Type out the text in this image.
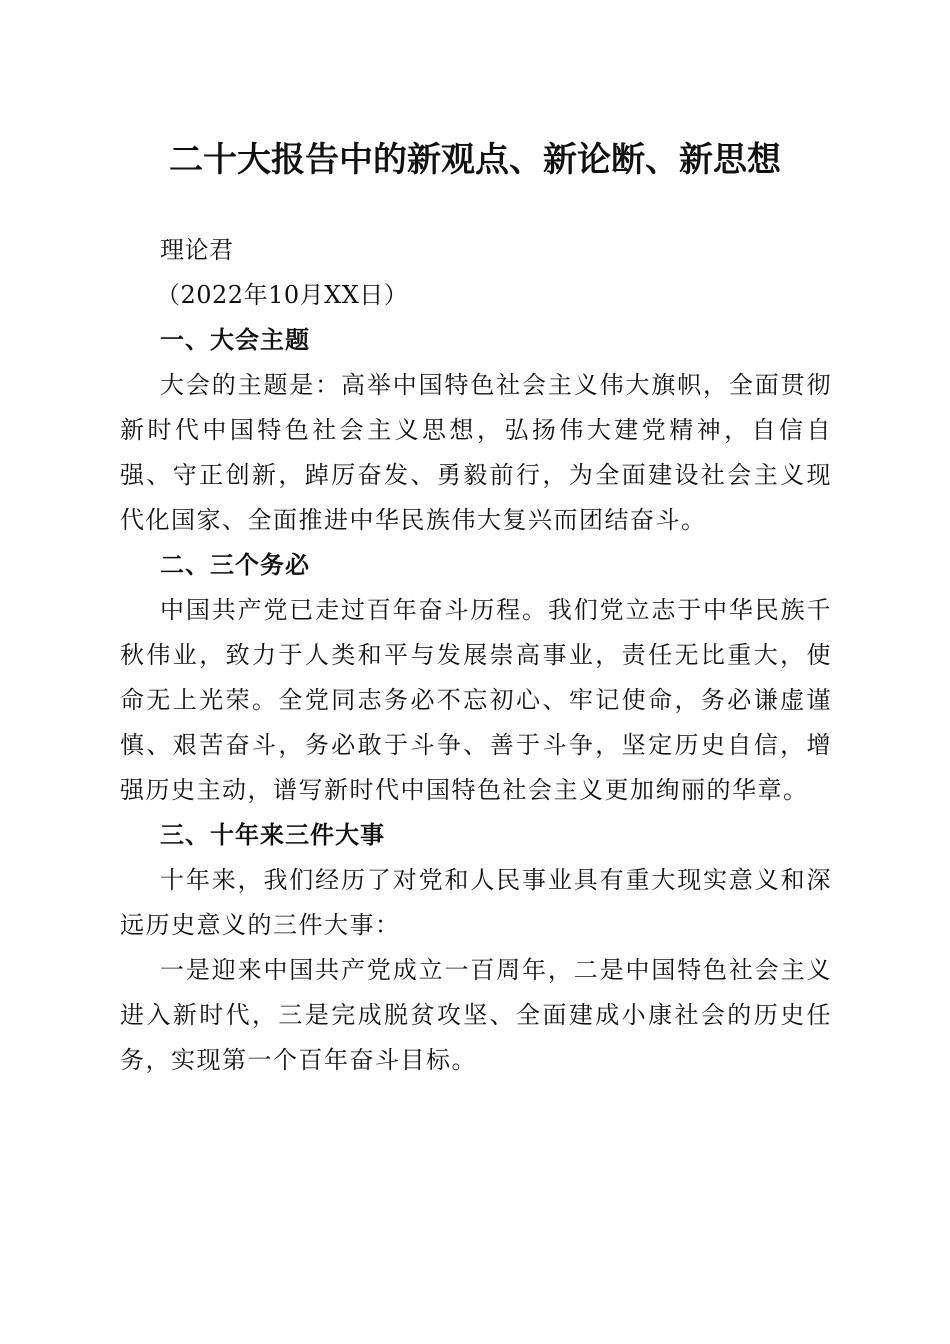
二十大报告中的新观点、新论断、新思想

理论君

（2022年10月XX日）

一、大会主题

大会的主题是：高举中国特色社会主义伟大旗帜，全面贯彻新时代中国特色社会主义思想，弘扬伟大建党精神，自信自强、守正创新，踔厉奋发、勇毅前行，为全面建设社会主义现代化国家、全面推进中华民族伟大复兴而团结奋斗。

二、三个务必

中国共产党已走过百年奋斗历程。我们党立志于中华民族千秋伟业，致力于人类和平与发展崇高事业，责任无比重大，使命无上光荣。全党同志务必不忘初心、牢记使命，务必谦虚谨慎、艰苦奋斗，务必敢于斗争、善于斗争，坚定历史自信，增强历史主动，谱写新时代中国特色社会主义更加绚丽的华章。

三、十年来三件大事

十年来，我们经历了对党和人民事业具有重大现实意义和深远历史意义的三件大事：

一是迎来中国共产党成立一百周年，二是中国特色社会主义进入新时代，三是完成脱贫攻坚、全面建成小康社会的历史任务，实现第一个百年奋斗目标。
